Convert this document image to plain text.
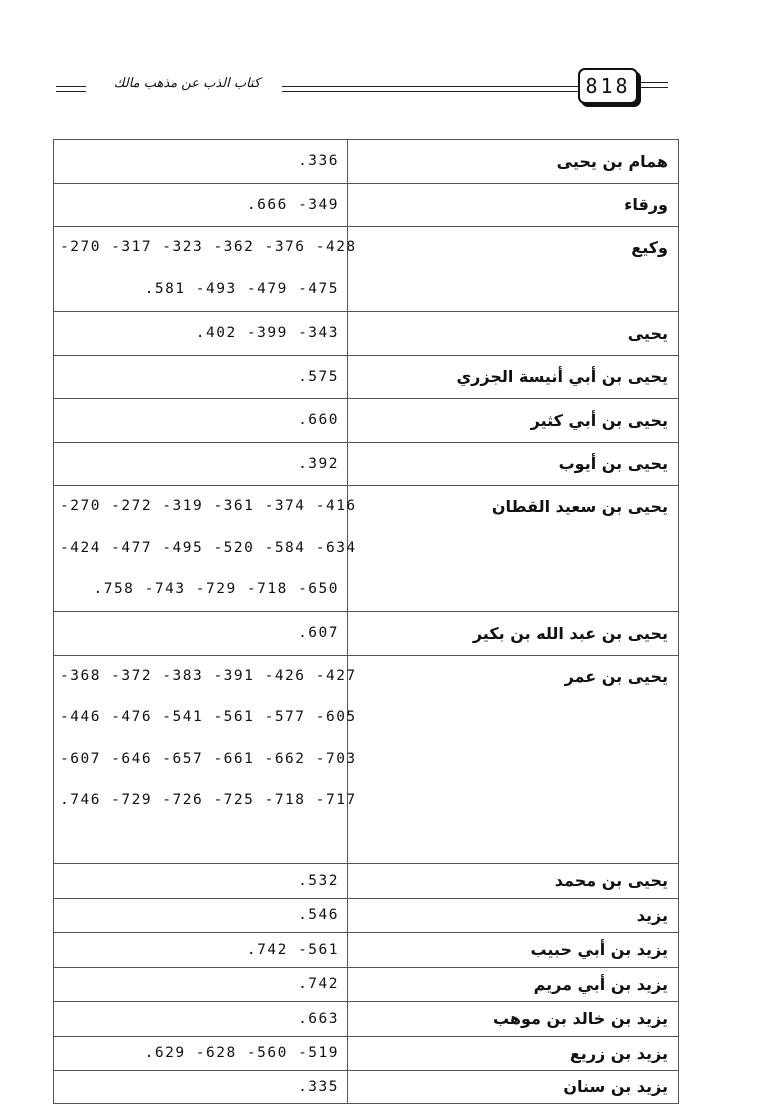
كتاب الذب عن مذهب مالك	818
.336	همام بن يحيى

.666 -349	ورقاء

-270 -317 -323 -362 -376 -428
.581 -493 -479 -475	وكيع

.402 -399 -343	يحيى

.575	يحيى بن أبي أنيسة الجزري

.660	يحيى بن أبي كثير

.392	يحيى بن أيوب

-270 -272 -319 -361 -374 -416
-424 -477 -495 -520 -584 -634
.758 -743 -729 -718 -650	يحيى بن سعيد القطان

.607	يحيى بن عبد الله بن بكير

-368 -372 -383 -391 -426 -427
-446 -476 -541 -561 -577 -605
-607 -646 -657 -661 -662 -703
.746 -729 -726 -725 -718 -717	يحيى بن عمر

.532	يحيى بن محمد

.546	يزيد

.742 -561	يزيد بن أبي حبيب

.742	يزيد بن أبي مريم

.663	يزيد بن خالد بن موهب

.629 -628 -560 -519	يزيد بن زريع

.335	يزيد بن سنان
